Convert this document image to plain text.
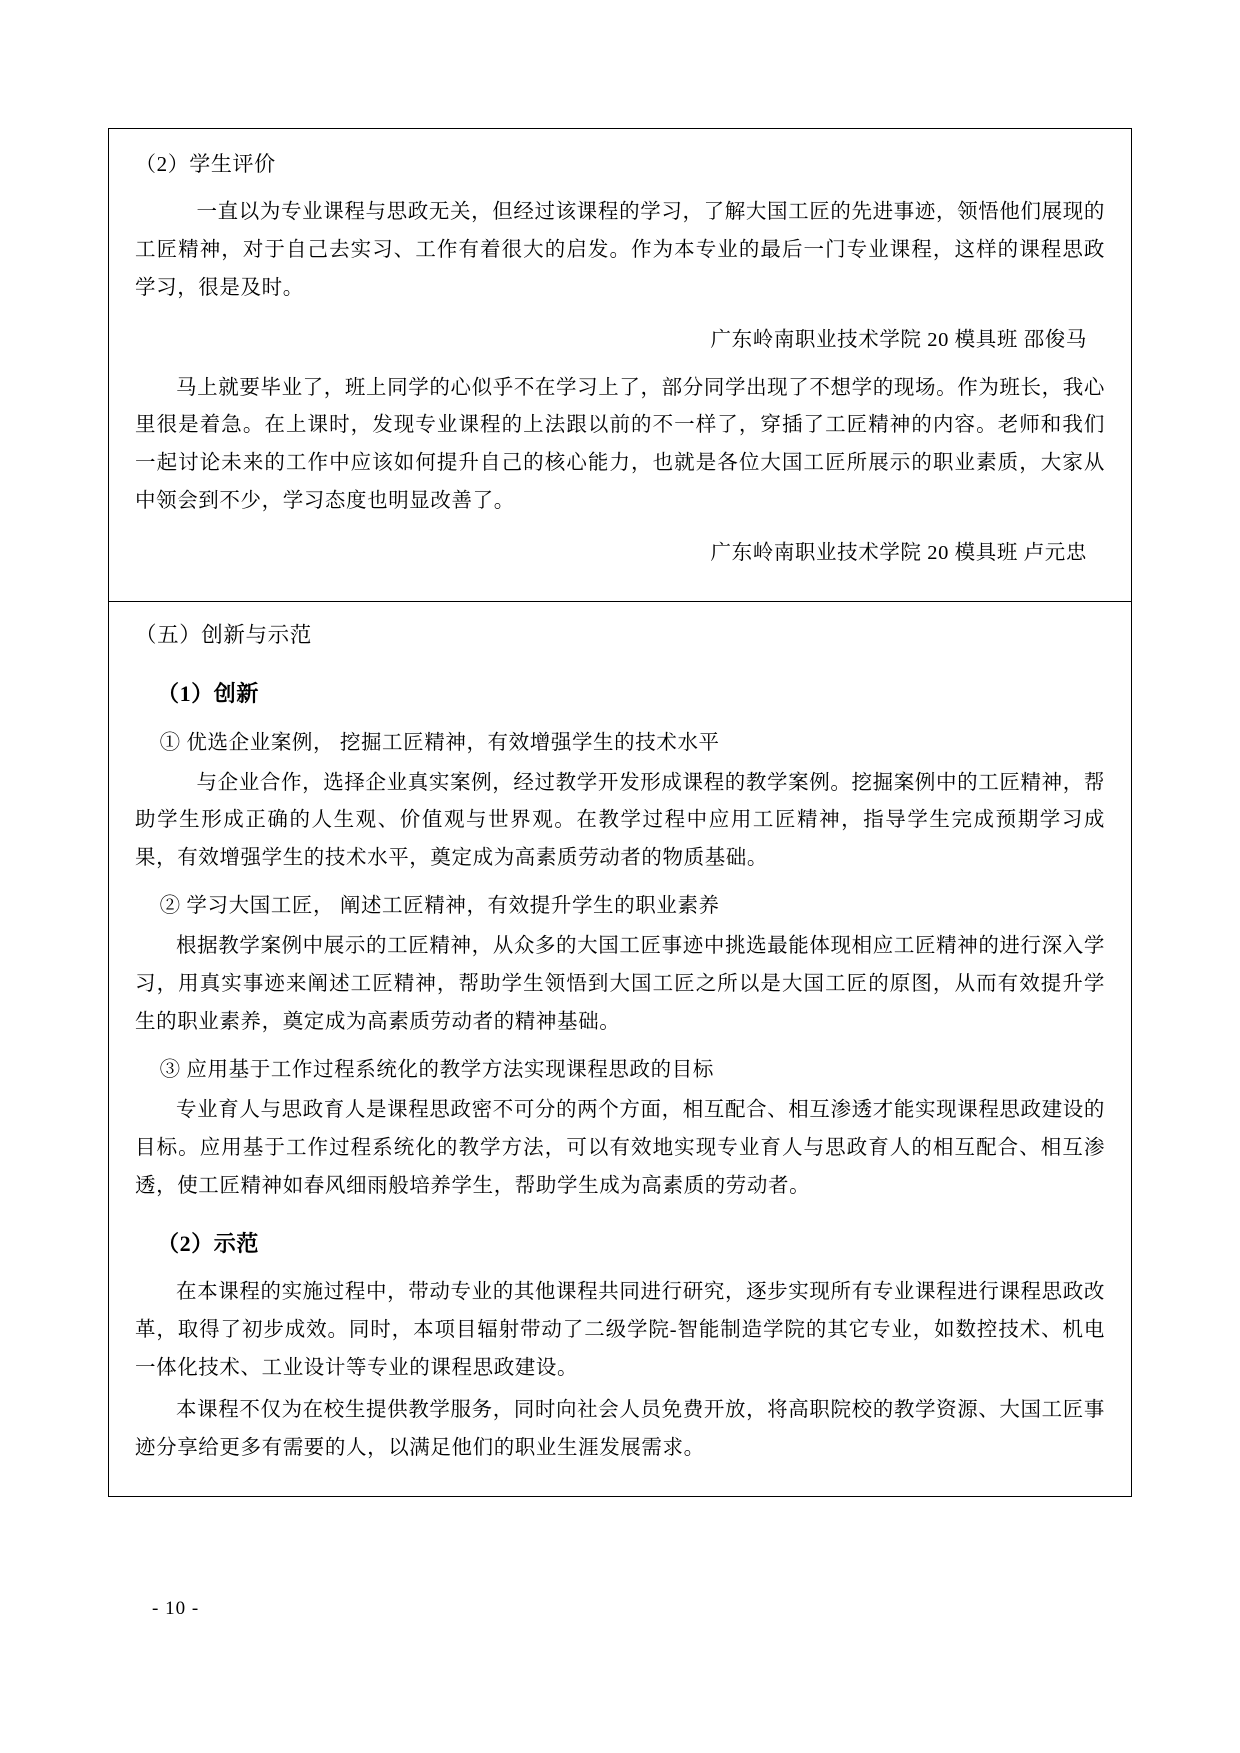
（2）学生评价

一直以为专业课程与思政无关，但经过该课程的学习，了解大国工匠的先进事迹，领悟他们展现的工匠精神，对于自己去实习、工作有着很大的启发。作为本专业的最后一门专业课程，这样的课程思政学习，很是及时。

广东岭南职业技术学院 20 模具班 邵俊马

马上就要毕业了，班上同学的心似乎不在学习上了，部分同学出现了不想学的现场。作为班长，我心里很是着急。在上课时，发现专业课程的上法跟以前的不一样了，穿插了工匠精神的内容。老师和我们一起讨论未来的工作中应该如何提升自己的核心能力，也就是各位大国工匠所展示的职业素质，大家从中领会到不少，学习态度也明显改善了。

广东岭南职业技术学院 20 模具班 卢元忠

（五）创新与示范

（1）创新

① 优选企业案例， 挖掘工匠精神，有效增强学生的技术水平

与企业合作，选择企业真实案例，经过教学开发形成课程的教学案例。挖掘案例中的工匠精神，帮助学生形成正确的人生观、价值观与世界观。在教学过程中应用工匠精神，指导学生完成预期学习成果，有效增强学生的技术水平，奠定成为高素质劳动者的物质基础。

② 学习大国工匠， 阐述工匠精神，有效提升学生的职业素养

根据教学案例中展示的工匠精神，从众多的大国工匠事迹中挑选最能体现相应工匠精神的进行深入学习，用真实事迹来阐述工匠精神，帮助学生领悟到大国工匠之所以是大国工匠的原图，从而有效提升学生的职业素养，奠定成为高素质劳动者的精神基础。

③ 应用基于工作过程系统化的教学方法实现课程思政的目标

专业育人与思政育人是课程思政密不可分的两个方面，相互配合、相互渗透才能实现课程思政建设的目标。应用基于工作过程系统化的教学方法，可以有效地实现专业育人与思政育人的相互配合、相互渗透，使工匠精神如春风细雨般培养学生，帮助学生成为高素质的劳动者。

（2）示范

在本课程的实施过程中，带动专业的其他课程共同进行研究，逐步实现所有专业课程进行课程思政改革，取得了初步成效。同时，本项目辐射带动了二级学院-智能制造学院的其它专业，如数控技术、机电一体化技术、工业设计等专业的课程思政建设。

本课程不仅为在校生提供教学服务，同时向社会人员免费开放，将高职院校的教学资源、大国工匠事迹分享给更多有需要的人，以满足他们的职业生涯发展需求。

- 10 -
